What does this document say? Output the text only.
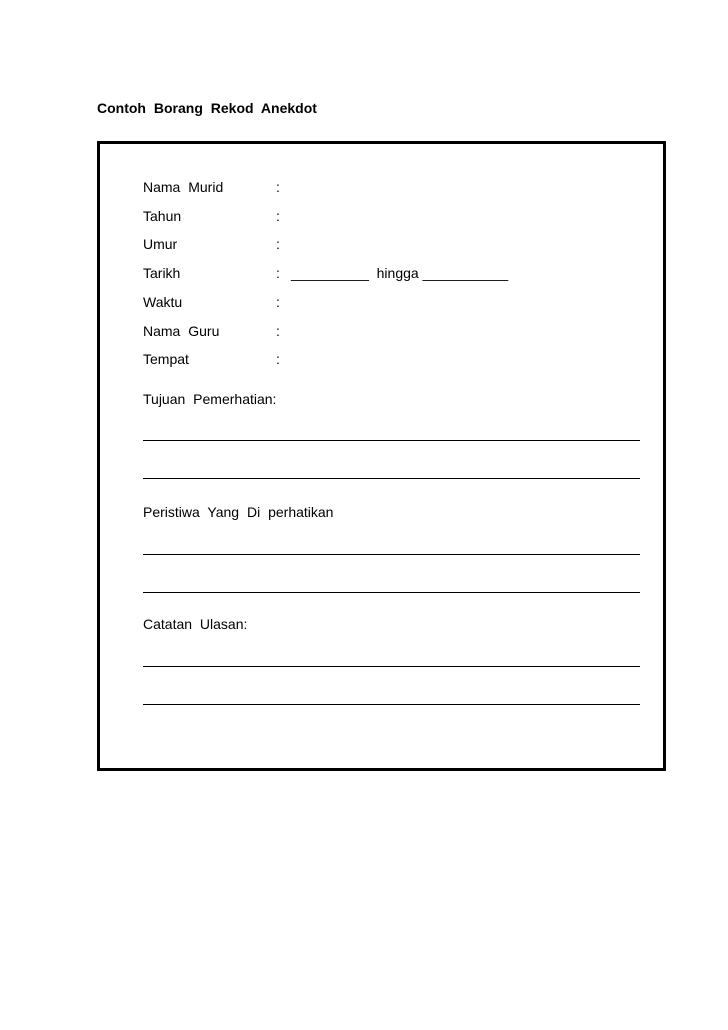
Contoh Borang Rekod Anekdot
Nama Murid	:
Tahun	:
Umur	:
Tarikh	: __________  hingga ___________
Waktu	:
Nama Guru	:
Tempat	:
Tujuan Pemerhatian:
Peristiwa Yang Di perhatikan
Catatan Ulasan:
